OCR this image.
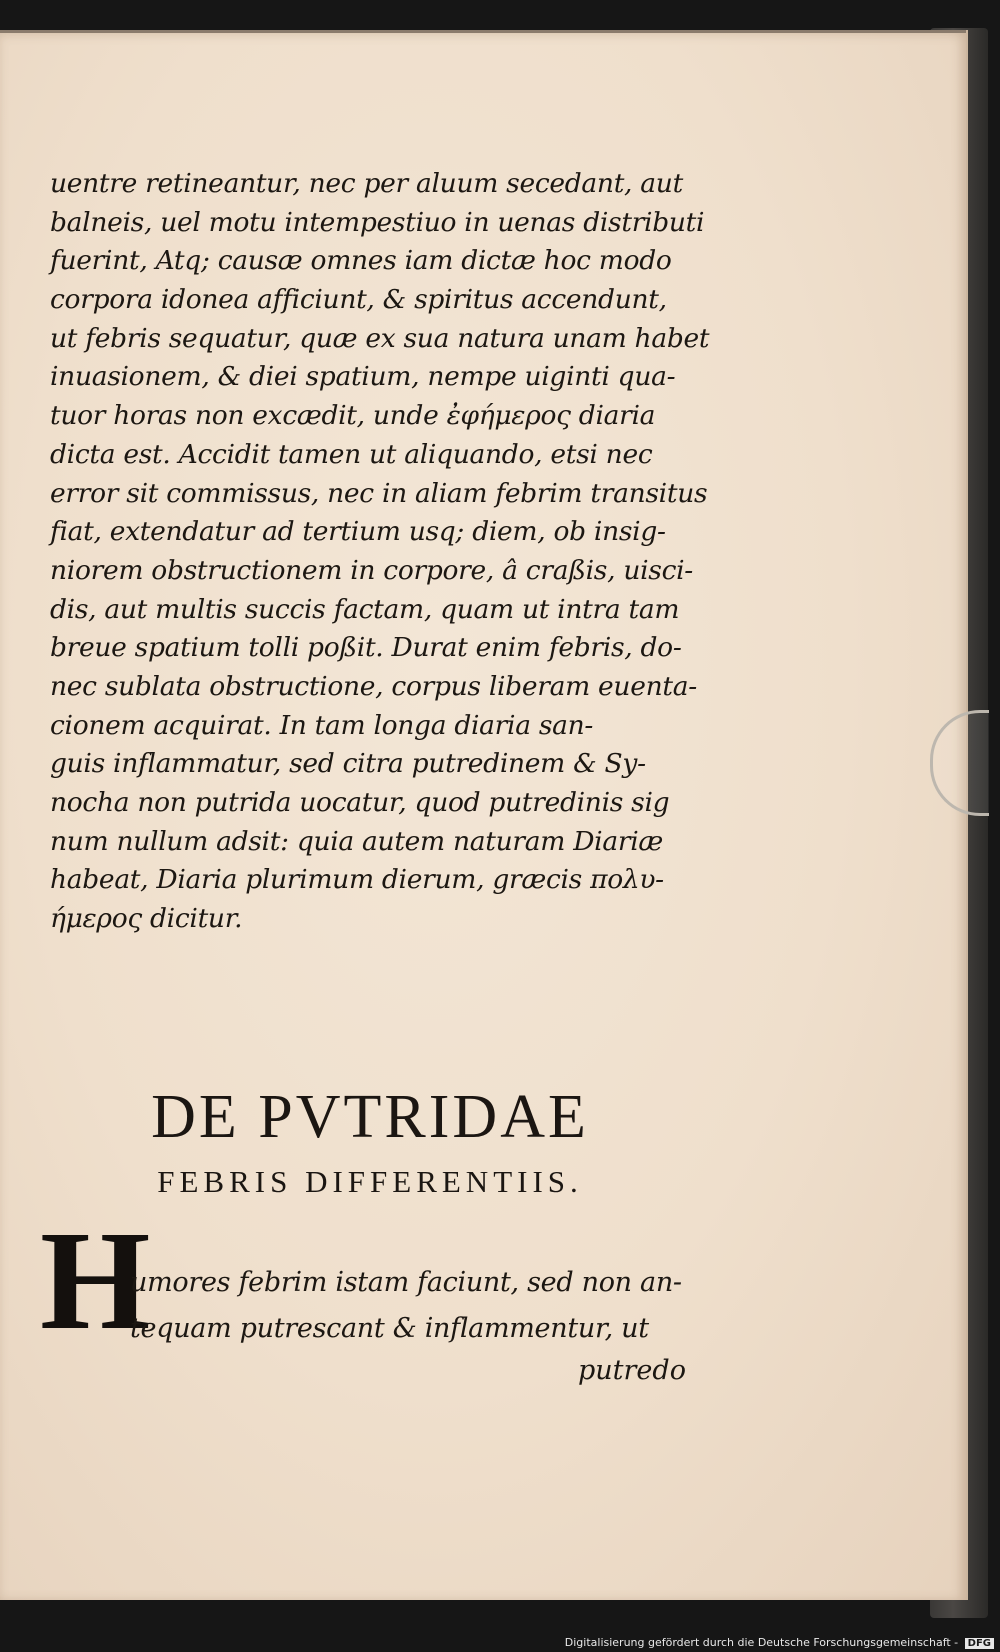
uentre retineantur, nec per aluum secedant, aut
balneis, uel motu intempestiuo in uenas distributi
fuerint, Atq; causæ omnes iam dictæ hoc modo
corpora idonea afficiunt, & spiritus accendunt,
ut febris sequatur, quæ ex sua natura unam habet
inuasionem, & diei spatium, nempe uiginti qua-
tuor horas non excædit, unde ἐφήμερος diaria
dicta est. Accidit tamen ut aliquando, etsi nec
error sit commissus, nec in aliam febrim transitus
fiat, extendatur ad tertium usq; diem, ob insig-
niorem obstructionem in corpore, â craßis, uisci-
dis, aut multis succis factam, quam ut intra tam
breue spatium tolli poßit. Durat enim febris, do-
nec sublata obstructione, corpus liberam euenta-
cionem acquirat. In tam longa diaria san-
guis inflammatur, sed citra putredinem & Sy-
nocha non putrida uocatur, quod putredinis sig
num nullum adsit: quia autem naturam Diariæ
habeat, Diaria plurimum dierum, græcis πολυ-
ήμερος dicitur.
DE PVTRIDAE
FEBRIS DIFFERENTIIS.
H
umores febrim istam faciunt, sed non an-
tequam putrescant & inflammentur, ut
putredo
Digitalisierung gefördert durch die Deutsche Forschungsgemeinschaft - DFG
